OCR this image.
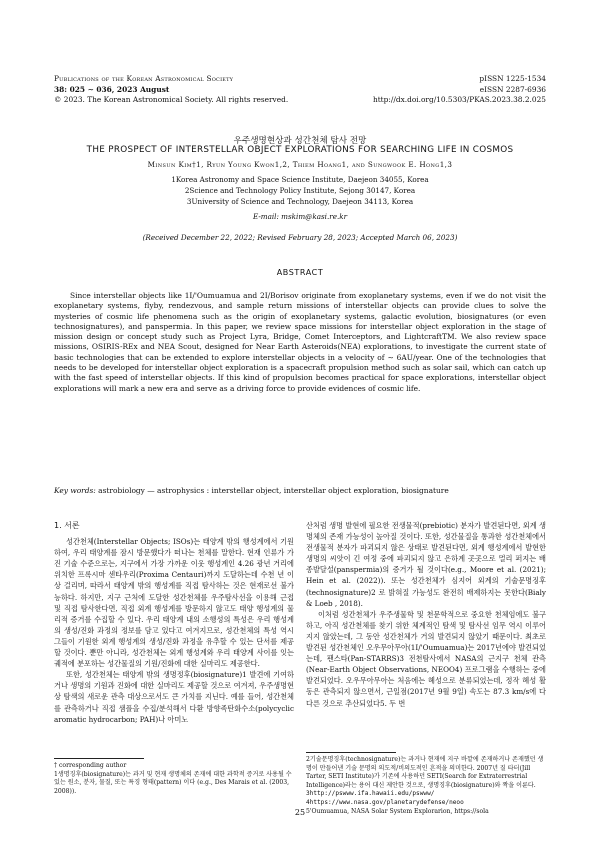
Publications of the Korean Astronomical Society
38: 025 ∼ 036, 2023 August
© 2023. The Korean Astronomical Society. All rights reserved.
pISSN 1225-1534
eISSN 2287-6936
http://dx.doi.org/10.5303/PKAS.2023.38.2.025
우주생명현상과 성간천체 탐사 전망
THE PROSPECT OF INTERSTELLAR OBJECT EXPLORATIONS FOR SEARCHING LIFE IN COSMOS
Minsun Kim†1, Ryun Young Kwon1,2, Thiem Hoang1, and Sungwook E. Hong1,3
1Korea Astronomy and Space Science Institute, Daejeon 34055, Korea
2Science and Technology Policy Institute, Sejong 30147, Korea
3University of Science and Technology, Daejeon 34113, Korea
E-mail: mskim@kasi.re.kr
(Received December 22, 2022; Revised February 28, 2023; Accepted March 06, 2023)
ABSTRACT
Since interstellar objects like 1I/'Oumuamua and 2I/Borisov originate from exoplanetary systems, even if we do not visit the exoplanetary systems, flyby, rendezvous, and sample return missions of interstellar objects can provide clues to solve the mysteries of cosmic life phenomena such as the origin of exoplanetary systems, galactic evolution, biosignatures (or even technosignatures), and panspermia. In this paper, we review space missions for interstellar object exploration in the stage of mission design or concept study such as Project Lyra, Bridge, Comet Interceptors, and LightcraftTM. We also review space missions, OSIRIS-REx and NEA Scout, designed for Near Earth Asteroids(NEA) explorations, to investigate the current state of basic technologies that can be extended to explore interstellar objects in a velocity of ∼ 6AU/year. One of the technologies that needs to be developed for interstellar object exploration is a spacecraft propulsion method such as solar sail, which can catch up with the fast speed of interstellar objects. If this kind of propulsion becomes practical for space explorations, interstellar object explorations will mark a new era and serve as a driving force to provide evidences of cosmic life.
Key words: astrobiology — astrophysics : interstellar object, interstellar object exploration, biosignature
1. 서론

성간천체(Interstellar Objects; ISOs)는 태양계 밖의 행성계에서 기원하여, 우리 태양계를 잠시 방문했다가 떠나는 천체를 말한다. 현재 인류가 가진 기술 수준으로는, 지구에서 가장 가까운 이웃 행성계인 4.26 광년 거리에 위치한 프록시마 센타우리(Proxima Centauri)까지 도달하는데 수천 년 이상 걸리며, 따라서 태양계 밖의 행성계를 직접 탐사하는 것은 현재로선 불가능하다. 하지만, 지구 근처에 도달한 성간천체를 우주탐사선을 이용해 근접 및 직접 탐사한다면, 직접 외계 행성계를 방문하지 않고도 태양 행성계의 물리적 증거를 수집할 수 있다. 우리 태양계 내의 소행성의 특성은 우리 행성계의 생성/진화 과정의 정보를 담고 있다고 여겨지므로, 성간천체의 특성 역시 그들이 기원한 외계 행성계의 생성/진화 과정을 유추할 수 있는 단서를 제공할 것이다. 뿐만 아니라, 성간천체는 외계 행성계와 우리 태양계 사이를 잇는 궤적에 분포하는 성간물질의 기원/진화에 대한 실마리도 제공한다.

또한, 성간천체는 태양계 밖의 생명정후(biosignature)1 발견에 기여하거나 생명의 기원과 진화에 대한 실마리도 제공할 것으로 여겨져, 우주생명현상 탐색의 새로운 관측 대상으로서도 큰 가치를 지닌다. 예를 들어, 성간천체를 관측하거나 직접 샘플을 수집/분석해서 다환 방향족탄화수소(polycyclic aromatic hydrocarbon; PAH)나 아미노

† corresponding author

1생명징후(biosignature)는 과거 및 현재 생명체의 존재에 대한 과학적 증거로 사용될 수 있는 원소, 분자, 물질, 또는 특징 형태(pattern) 이다 (e.g., Des Marais et al. (2003, 2008)).

산처럼 생명 발현에 필요한 전생물적(prebiotic) 분자가 발견된다면, 외계 생명체의 존재 가능성이 높아질 것이다. 또한, 성간물질을 통과한 성간천체에서 전생물적 분자가 파괴되지 않은 상태로 발견된다면, 외계 행성계에서 발현한 생명의 씨앗이 긴 여정 중에 파괴되지 않고 은하계 곳곳으로 멀리 퍼지는 배종발달설(panspermia)의 증거가 될 것이다(e.g., Moore et al. (2021); Hein et al. (2022)). 또는 성간천체가 심지어 외계의 기술문명징후(technosignature)2 로 밝혀질 가능성도 완전히 배제하지는 못한다(Bialy & Loeb , 2018).

이처럼 성간천체가 우주생물학 및 천문학적으로 중요한 천체임에도 불구하고, 아직 성간천체를 찾기 위한 체계적인 탐색 및 탐사선 임무 역시 이루어지지 않았는데, 그 동안 성간천체가 거의 발견되지 않았기 때문이다. 최초로 발견된 성간천체인 오우무아무아(1I/'Oumuamua)는 2017년에야 발견되었는데, 팬스타(Pan-STARRS)3 전천탐사에서 NASA의 근지구 천체 관측(Near-Earth Object Observations, NEOO4) 프로그램을 수행하는 중에 발견되었다. 오우무아무아는 처음에는 혜성으로 분류되었는데, 정작 혜성 활동은 관측되지 않으면서, 근일점(2017년 9월 9일) 속도는 87.3 km/s에 다다른 것으로 추산되었다5. 두 번

2기술문명징후(technosignature)는 과거나 현재에 지구 바깥에 존재하거나 존재했던 생명이 만들어낸 기술 문명의 의도적/비의도적인 흔적을 의미한다. 2007년 질 타터(Jill Tarter, SETI Institute)가 기존에 사용하던 SETI(Search for Extraterrestrial Intelligence)라는 용어 대신 제안한 것으로, 생명징후(biosignature)와 짝을 이룬다.

3http://pswww.ifa.hawaii.edu/pswww/

4https://www.nasa.gov/planetarydefense/neoo

5'Oumuamua, NASA Solar System Explorarion, https://sola

25
